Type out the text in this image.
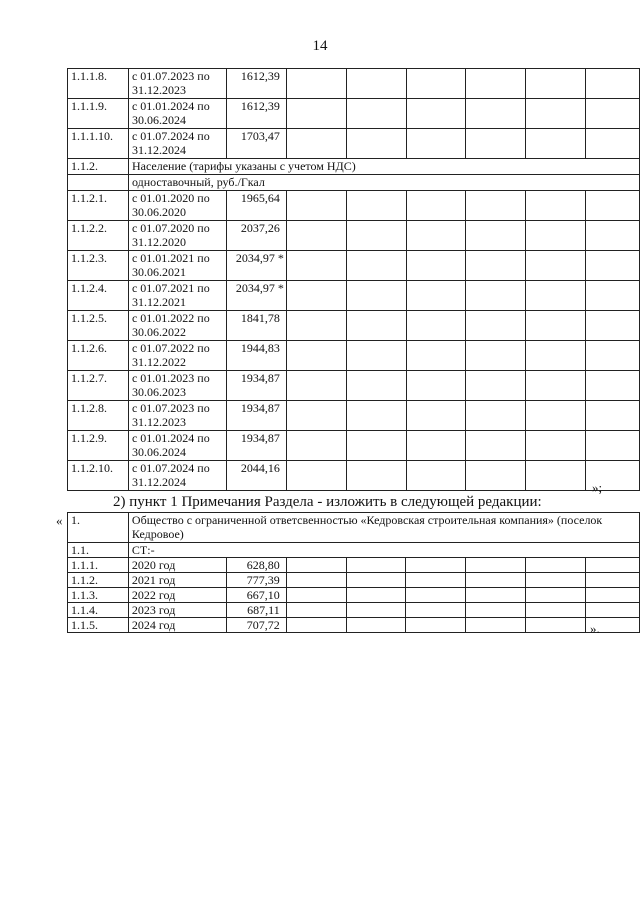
14
1.1.1.8.	с 01.07.2023 по 31.12.2023	1612,39						
1.1.1.9.	с 01.01.2024 по 30.06.2024	1612,39						
1.1.1.10.	с 01.07.2024 по 31.12.2024	1703,47						
1.1.2.	Население (тарифы указаны с учетом НДС)							
	одноставочный, руб./Гкал							
1.1.2.1.	с 01.01.2020 по 30.06.2020	1965,64						
1.1.2.2.	с 01.07.2020 по 31.12.2020	2037,26						
1.1.2.3.	с 01.01.2021 по 30.06.2021	2034,97 *						
1.1.2.4.	с 01.07.2021 по 31.12.2021	2034,97 *						
1.1.2.5.	с 01.01.2022 по 30.06.2022	1841,78						
1.1.2.6.	с 01.07.2022 по 31.12.2022	1944,83						
1.1.2.7.	с 01.01.2023 по 30.06.2023	1934,87						
1.1.2.8.	с 01.07.2023 по 31.12.2023	1934,87						
1.1.2.9.	с 01.01.2024 по 30.06.2024	1934,87						
1.1.2.10.	с 01.07.2024 по 31.12.2024	2044,16						
»;
2) пункт 1 Примечания Раздела - изложить в следующей редакции:
« 1.	Общество с ограниченной ответсвенностью «Кедровская строительная компания» (поселок Кедровое)							
1.1.	СТ:-							
1.1.1.	2020 год	628,80						
1.1.2.	2021 год	777,39						
1.1.3.	2022 год	667,10						
1.1.4.	2023 год	687,11						
1.1.5.	2024 год	707,72							».
